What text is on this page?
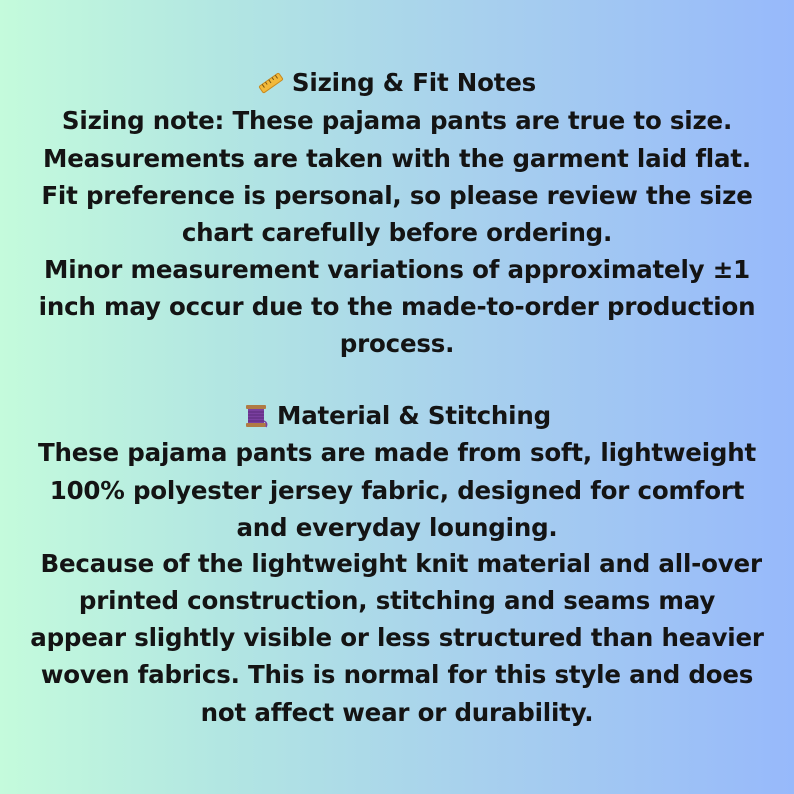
Sizing & Fit Notes
Sizing note: These pajama pants are true to size.
Measurements are taken with the garment laid flat.
Fit preference is personal, so please review the size
chart carefully before ordering.
Minor measurement variations of approximately ±1
inch may occur due to the made-to-order production
process.
Material & Stitching
These pajama pants are made from soft, lightweight
100% polyester jersey fabric, designed for comfort
and everyday lounging.
Because of the lightweight knit material and all-over
printed construction, stitching and seams may
appear slightly visible or less structured than heavier
woven fabrics. This is normal for this style and does
not affect wear or durability.
